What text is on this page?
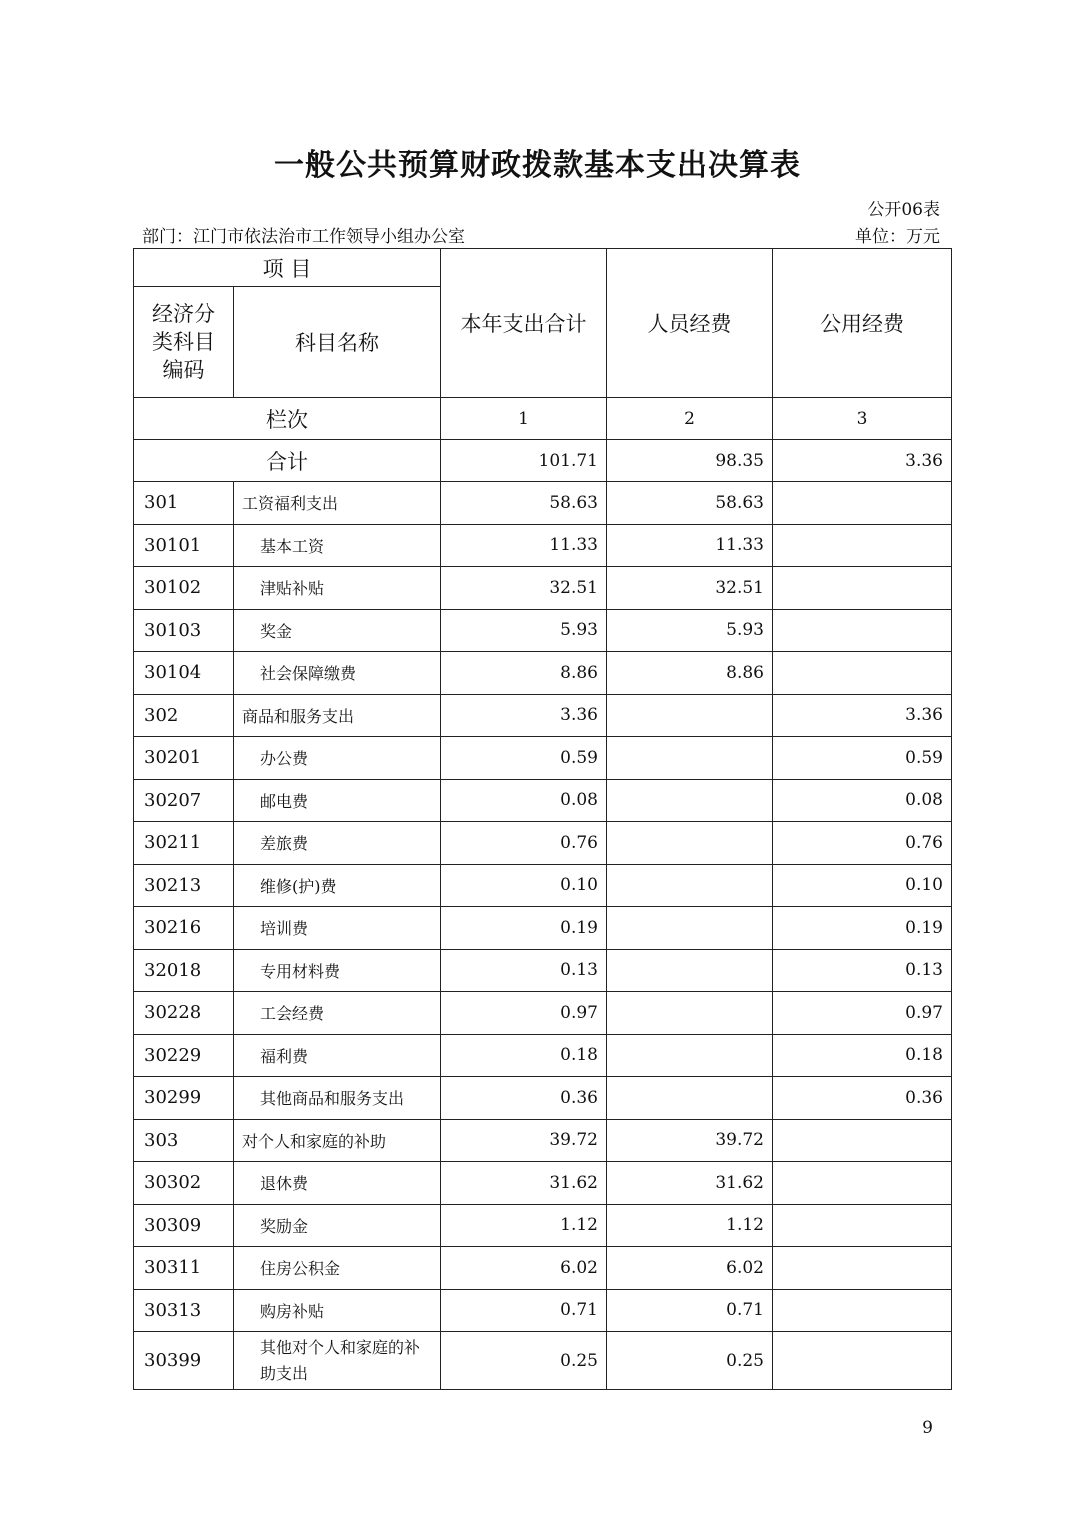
一般公共预算财政拨款基本支出决算表
公开06表
部门：江门市依法治市工作领导小组办公室	单位：万元
项 目		本年支出合计	人员经费	公用经费
经济分类科目编码	科目名称			
栏次		1	2	3
合计		101.71	98.35	3.36
301	工资福利支出	58.63	58.63	
30101	基本工资	11.33	11.33	
30102	津贴补贴	32.51	32.51	
30103	奖金	5.93	5.93	
30104	社会保障缴费	8.86	8.86	
302	商品和服务支出	3.36		3.36
30201	办公费	0.59		0.59
30207	邮电费	0.08		0.08
30211	差旅费	0.76		0.76
30213	维修(护)费	0.10		0.10
30216	培训费	0.19		0.19
32018	专用材料费	0.13		0.13
30228	工会经费	0.97		0.97
30229	福利费	0.18		0.18
30299	其他商品和服务支出	0.36		0.36
303	对个人和家庭的补助	39.72	39.72	
30302	退休费	31.62	31.62	
30309	奖励金	1.12	1.12	
30311	住房公积金	6.02	6.02	
30313	购房补贴	0.71	0.71	
30399	其他对个人和家庭的补助支出	0.25	0.25	
9
